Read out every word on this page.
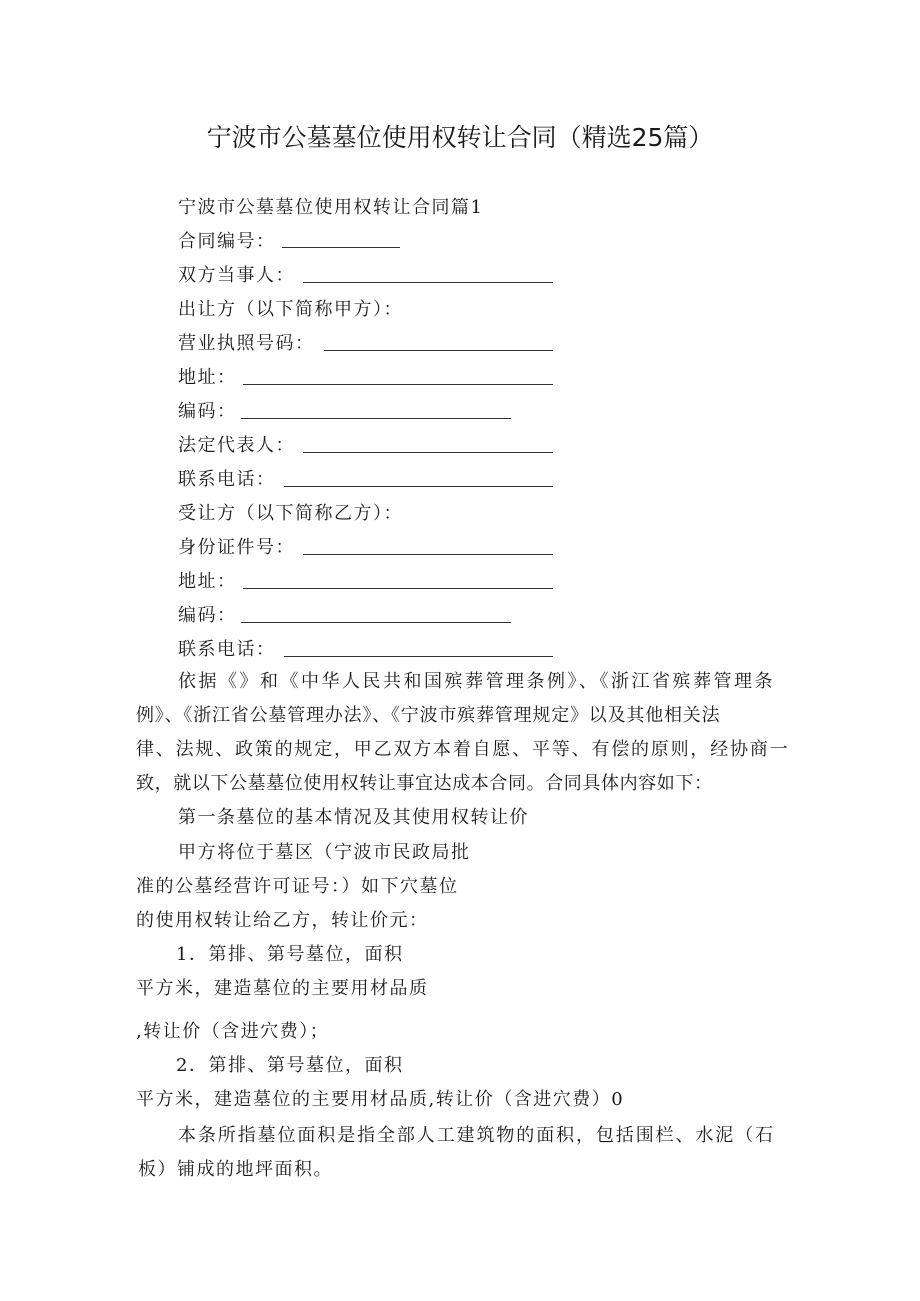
宁波市公墓墓位使用权转让合同（精选25篇）
宁波市公墓墓位使用权转让合同篇1
合同编号：
双方当事人：
出让方（以下简称甲方）：
营业执照号码：
地址：
编码：
法定代表人：
联系电话：
受让方（以下简称乙方）：
身份证件号：
地址：
编码：
联系电话：
依据《》和《中华人民共和国殡葬管理条例》、《浙江省殡葬管理条
例》、《浙江省公墓管理办法》、《宁波市殡葬管理规定》以及其他相关法
律、法规、政策的规定，甲乙双方本着自愿、平等、有偿的原则，经协商一
致，就以下公墓墓位使用权转让事宜达成本合同。合同具体内容如下：
第一条墓位的基本情况及其使用权转让价
甲方将位于墓区（宁波市民政局批
准的公墓经营许可证号：）如下穴墓位
的使用权转让给乙方，转让价元：
1．第排、第号墓位，面积
平方米，建造墓位的主要用材品质
,转让价（含进穴费）；
2．第排、第号墓位，面积
平方米，建造墓位的主要用材品质,转让价（含进穴费）0
本条所指墓位面积是指全部人工建筑物的面积，包括围栏、水泥（石
板）铺成的地坪面积。
